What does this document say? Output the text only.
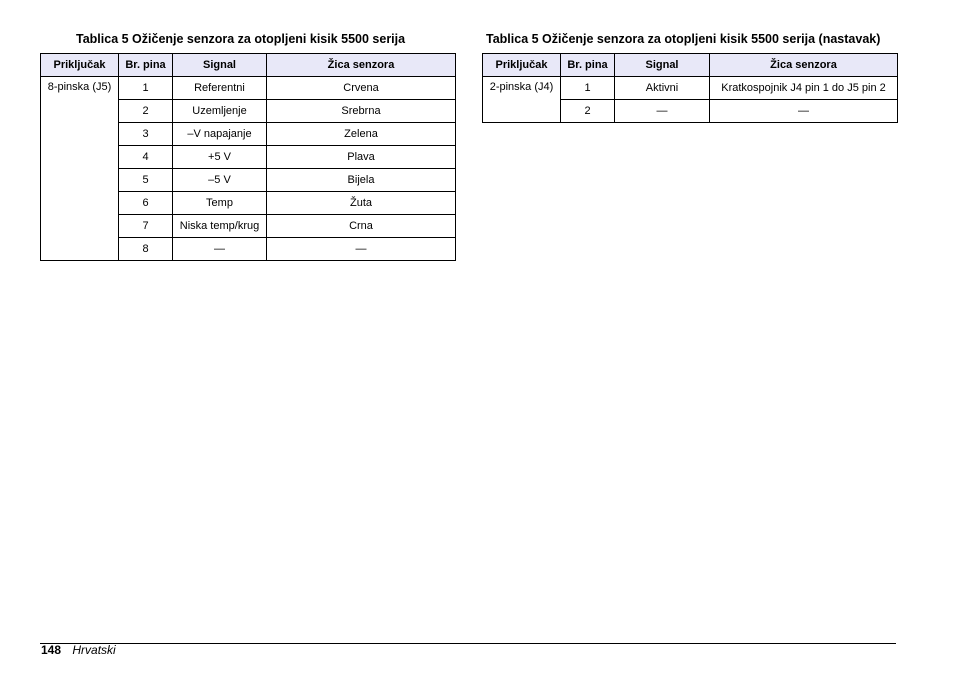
Tablica 5 Ožičenje senzora za otopljeni kisik 5500 serija
Priključak	Br. pina	Signal	Žica senzora
8-pinska (J5)	1	Referentni	Crvena
	2	Uzemljenje	Srebrna
	3	–V napajanje	Zelena
	4	+5 V	Plava
	5	–5 V	Bijela
	6	Temp	Žuta
	7	Niska temp/krug	Crna
	8	—	—
Tablica 5 Ožičenje senzora za otopljeni kisik 5500 serija (nastavak)
Priključak	Br. pina	Signal	Žica senzora
2-pinska (J4)	1	Aktivni	Kratkospojnik J4 pin 1 do J5 pin 2
	2	—	—
148 Hrvatski
